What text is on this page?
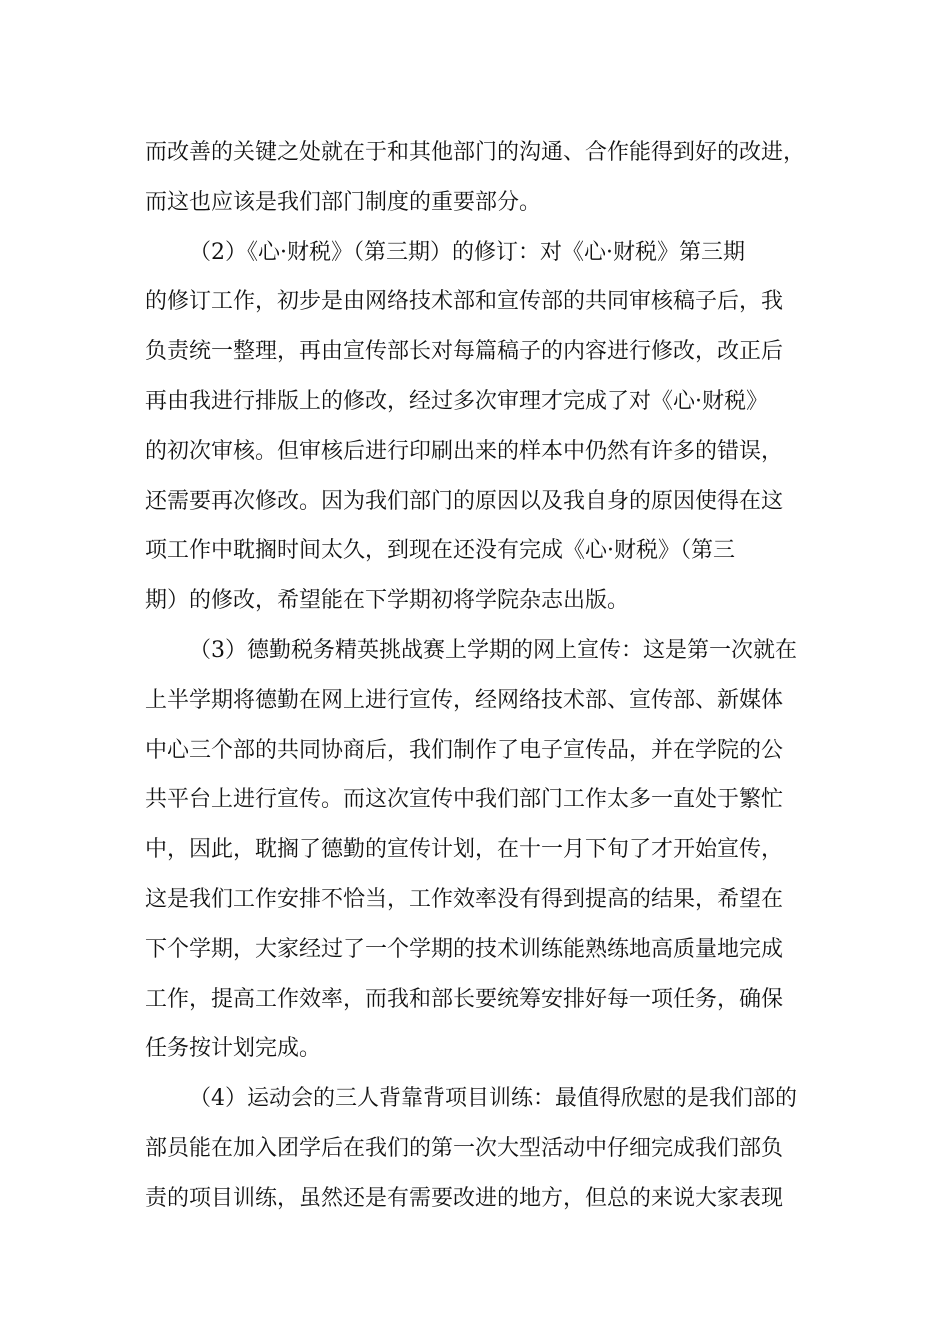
而改善的关键之处就在于和其他部门的沟通、合作能得到好的改进，
而这也应该是我们部门制度的重要部分。
（2）《心·财税》（第三期）的修订：对《心·财税》第三期
的修订工作，初步是由网络技术部和宣传部的共同审核稿子后，我
负责统一整理，再由宣传部长对每篇稿子的内容进行修改，改正后
再由我进行排版上的修改，经过多次审理才完成了对《心·财税》
的初次审核。但审核后进行印刷出来的样本中仍然有许多的错误，
还需要再次修改。因为我们部门的原因以及我自身的原因使得在这
项工作中耽搁时间太久，到现在还没有完成《心·财税》（第三
期）的修改，希望能在下学期初将学院杂志出版。
（3）德勤税务精英挑战赛上学期的网上宣传：这是第一次就在
上半学期将德勤在网上进行宣传，经网络技术部、宣传部、新媒体
中心三个部的共同协商后，我们制作了电子宣传品，并在学院的公
共平台上进行宣传。而这次宣传中我们部门工作太多一直处于繁忙
中，因此，耽搁了德勤的宣传计划，在十一月下旬了才开始宣传，
这是我们工作安排不恰当，工作效率没有得到提高的结果，希望在
下个学期，大家经过了一个学期的技术训练能熟练地高质量地完成
工作，提高工作效率，而我和部长要统筹安排好每一项任务，确保
任务按计划完成。
（4）运动会的三人背靠背项目训练：最值得欣慰的是我们部的
部员能在加入团学后在我们的第一次大型活动中仔细完成我们部负
责的项目训练，虽然还是有需要改进的地方，但总的来说大家表现
